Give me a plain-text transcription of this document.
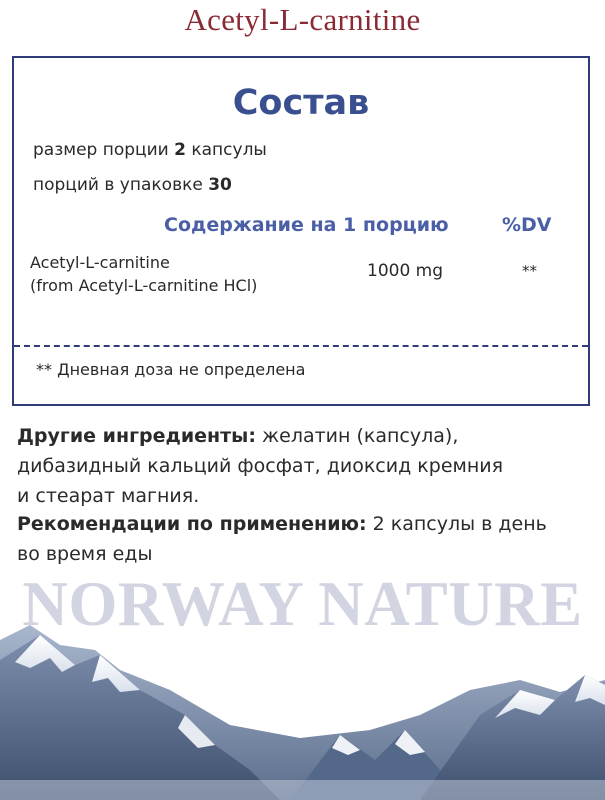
Acetyl-L-carnitine
Состав
размер порции 2 капсулы
порций в упаковке 30
Содержание на 1 порцию	%DV
Acetyl-L-carnitine
(from Acetyl-L-carnitine HCl)
1000 mg	**
** Дневная доза не определена
Другие ингредиенты: желатин (капсула),
дибазидный кальций фосфат, диоксид кремния
и стеарат магния.
Рекомендации по применению: 2 капсулы в день
во время еды
NORWAY NATURE
